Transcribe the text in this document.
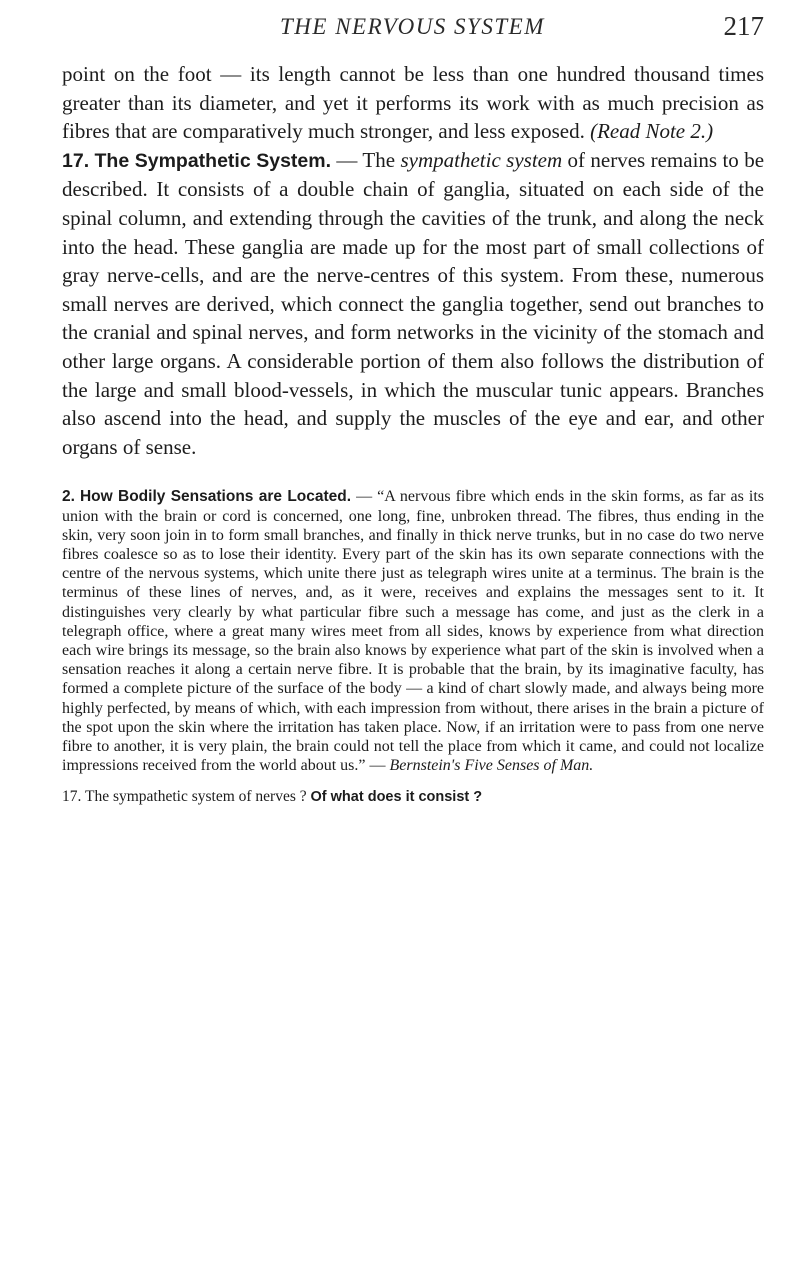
THE NERVOUS SYSTEM	217

point on the foot — its length cannot be less than one hundred thousand times greater than its diameter, and yet it performs its work with as much precision as fibres that are comparatively much stronger, and less exposed. (Read Note 2.)

17. The Sympathetic System. — The sympathetic system of nerves remains to be described. It consists of a double chain of ganglia, situated on each side of the spinal column, and extending through the cavities of the trunk, and along the neck into the head. These ganglia are made up for the most part of small collections of gray nerve-cells, and are the nerve-centres of this system. From these, numerous small nerves are derived, which connect the ganglia together, send out branches to the cranial and spinal nerves, and form networks in the vicinity of the stomach and other large organs. A considerable portion of them also follows the distribution of the large and small blood-vessels, in which the muscular tunic appears. Branches also ascend into the head, and supply the muscles of the eye and ear, and other organs of sense.

2. How Bodily Sensations are Located. — “A nervous fibre which ends in the skin forms, as far as its union with the brain or cord is concerned, one long, fine, unbroken thread. The fibres, thus ending in the skin, very soon join in to form small branches, and finally in thick nerve trunks, but in no case do two nerve fibres coalesce so as to lose their identity. Every part of the skin has its own separate connections with the centre of the nervous systems, which unite there just as telegraph wires unite at a terminus. The brain is the terminus of these lines of nerves, and, as it were, receives and explains the messages sent to it. It distinguishes very clearly by what particular fibre such a message has come, and just as the clerk in a telegraph office, where a great many wires meet from all sides, knows by experience from what direction each wire brings its message, so the brain also knows by experience what part of the skin is involved when a sensation reaches it along a certain nerve fibre. It is probable that the brain, by its imaginative faculty, has formed a complete picture of the surface of the body — a kind of chart slowly made, and always being more highly perfected, by means of which, with each impression from without, there arises in the brain a picture of the spot upon the skin where the irritation has taken place. Now, if an irritation were to pass from one nerve fibre to another, it is very plain, the brain could not tell the place from which it came, and could not localize impressions received from the world about us.” — Bernstein's Five Senses of Man.
17. The sympathetic system of nerves ? Of what does it consist ?
